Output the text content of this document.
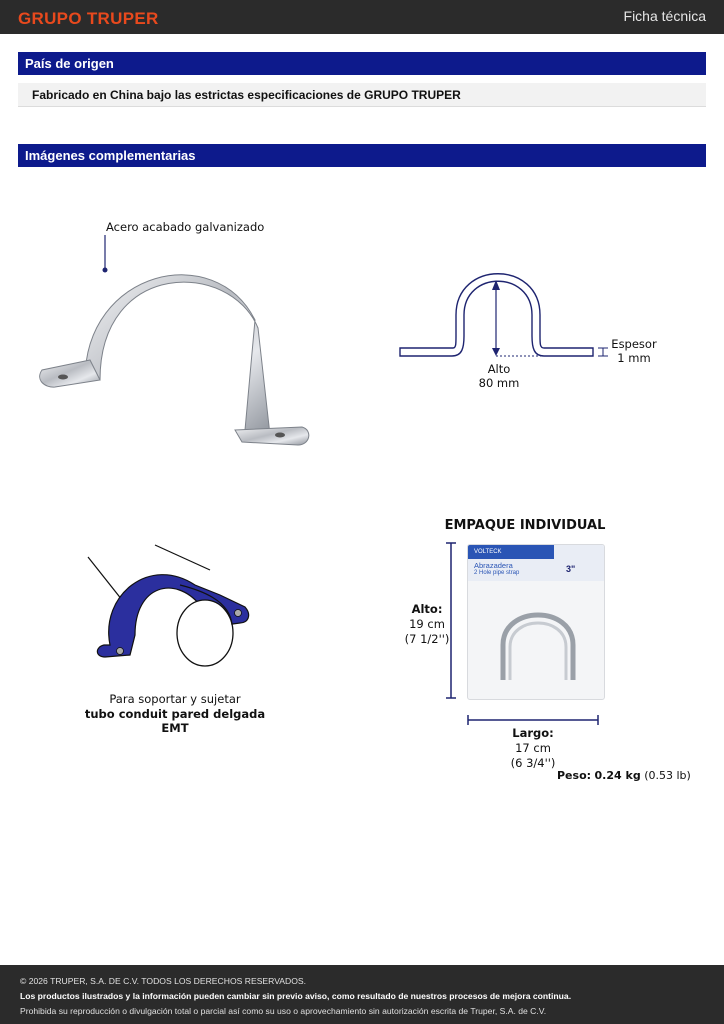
GRUPO TRUPER	Ficha técnica
País de origen
Fabricado en China bajo las estrictas especificaciones de GRUPO TRUPER
Imágenes complementarias
Acero acabado galvanizado
Alto
80 mm
Espesor
1 mm
Para soportar y sujetar
tubo conduit pared delgada EMT
EMPAQUE INDIVIDUAL
Alto:
19 cm
(7 1/2'')
VOLTECK
Abrazadera
2 Hole pipe strap	3"
Largo:
17 cm
(6 3/4'')
Peso: 0.24 kg (0.53 lb)
© 2026 TRUPER, S.A. DE C.V. TODOS LOS DERECHOS RESERVADOS.
Los productos ilustrados y la información pueden cambiar sin previo aviso, como resultado de nuestros procesos de mejora continua.
Prohibida su reproducción o divulgación total o parcial así como su uso o aprovechamiento sin autorización escrita de Truper, S.A. de C.V.
